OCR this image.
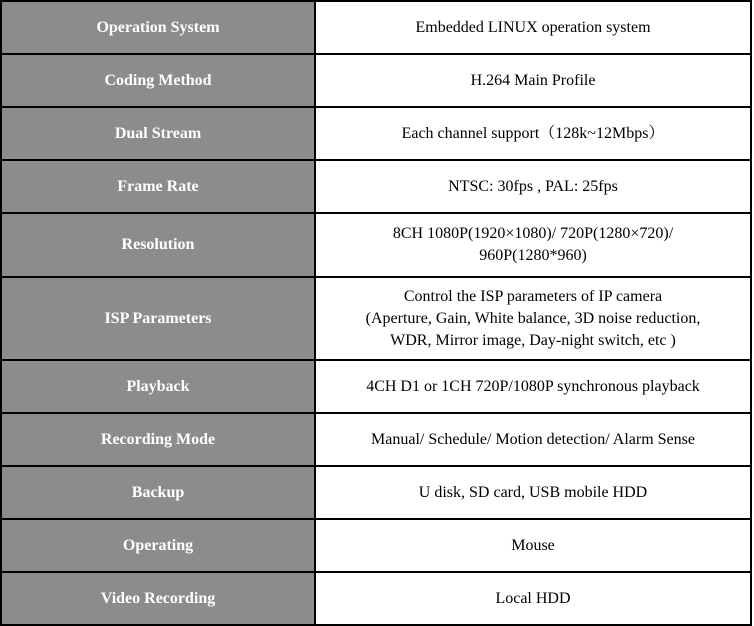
Operation System	Embedded LINUX operation system

Coding Method	H.264 Main Profile

Dual Stream	Each channel support（128k~12Mbps）

Frame Rate	NTSC: 30fps , PAL: 25fps

Resolution	8CH 1080P(1920×1080)/ 720P(1280×720)/
960P(1280*960)

ISP Parameters	Control the ISP parameters of IP camera
(Aperture, Gain, White balance, 3D noise reduction,
WDR, Mirror image, Day-night switch, etc )

Playback	4CH D1 or 1CH 720P/1080P synchronous playback

Recording Mode	Manual/ Schedule/ Motion detection/ Alarm Sense

Backup	U disk, SD card, USB mobile HDD

Operating	Mouse

Video Recording	Local HDD
